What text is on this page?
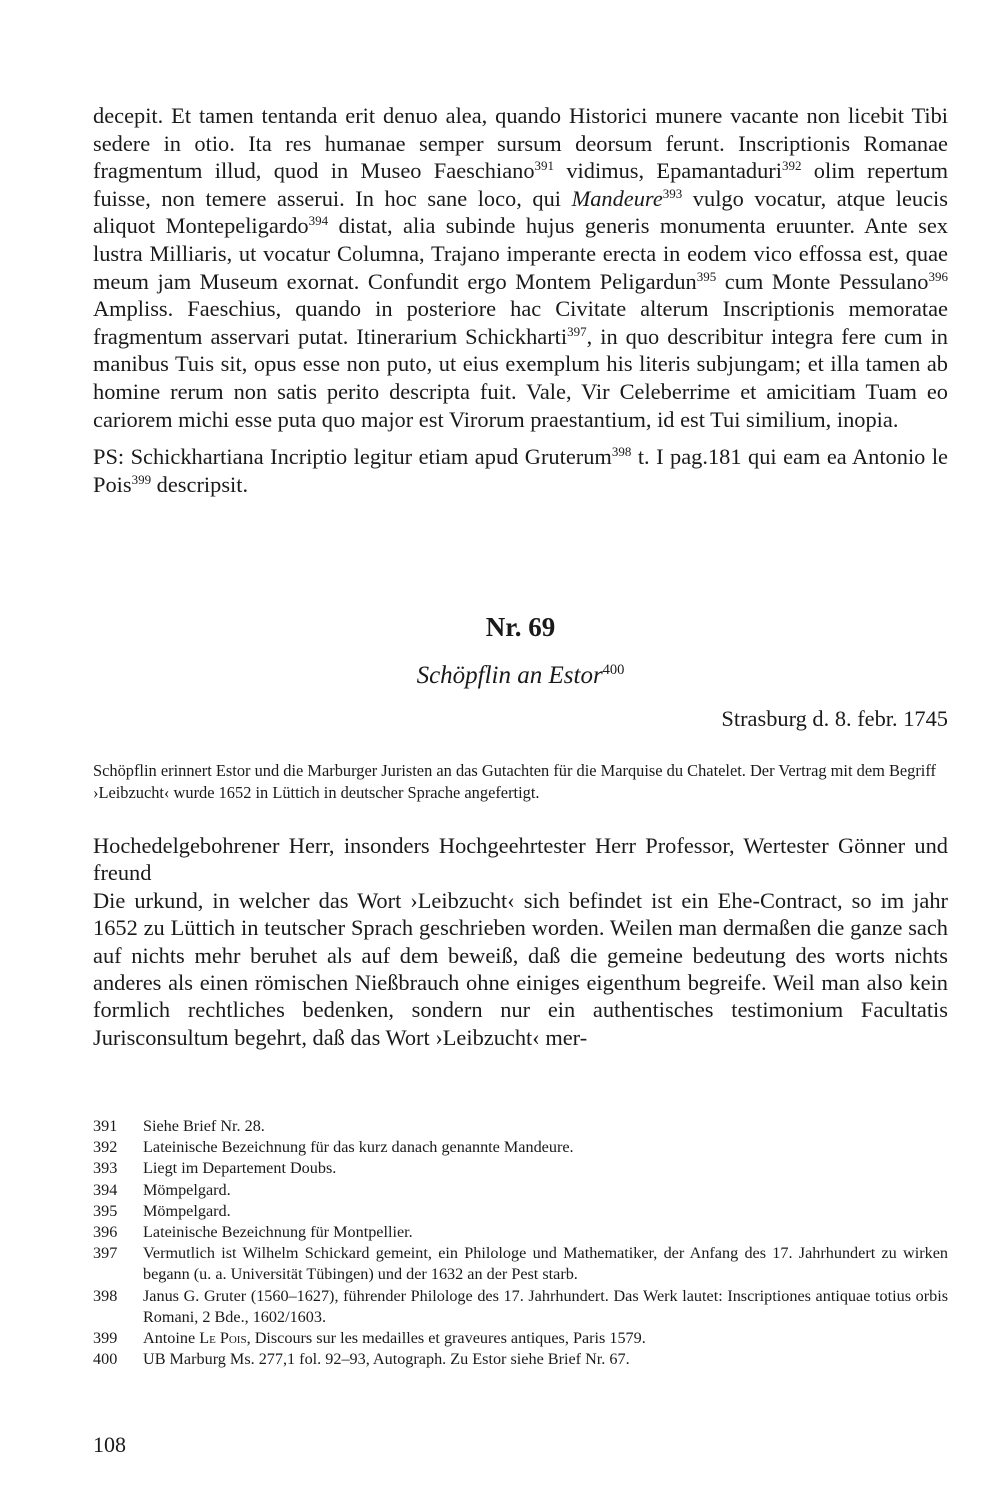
decepit. Et tamen tentanda erit denuo alea, quando Historici munere vacante non licebit Tibi sedere in otio. Ita res humanae semper sursum deorsum ferunt. Inscriptionis Romanae fragmentum illud, quod in Museo Faeschiano$^{391}$ vidimus, Epamantaduri$^{392}$ olim repertum fuisse, non temere asserui. In hoc sane loco, qui Mandeure$^{393}$ vulgo vocatur, atque leucis aliquot Montepeligardo$^{394}$ distat, alia subinde hujus generis monumenta eruunter. Ante sex lustra Milliaris, ut vocatur Columna, Trajano imperante erecta in eodem vico effossa est, quae meum jam Museum exornat. Confundit ergo Montem Peligardun$^{395}$ cum Monte Pessulano$^{396}$ Ampliss. Faeschius, quando in posteriore hac Civitate alterum Inscriptionis memoratae fragmentum asservari putat. Itinerarium Schickharti$^{397}$, in quo describitur integra fere cum in manibus Tuis sit, opus esse non puto, ut eius exemplum his literis subjungam; et illa tamen ab homine rerum non satis perito descripta fuit. Vale, Vir Celeberrime et amicitiam Tuam eo cariorem michi esse puta quo major est Virorum praestantium, id est Tui similium, inopia.

PS: Schickhartiana Incriptio legitur etiam apud Gruterum$^{398}$ t. I pag.181 qui eam ea Antonio le Pois$^{399}$ descripsit.

Nr. 69

Schöpflin an Estor$^{400}$

Strasburg d. 8. febr. 1745

Schöpflin erinnert Estor und die Marburger Juristen an das Gutachten für die Marquise du Chatelet. Der Vertrag mit dem Begriff ›Leibzucht‹ wurde 1652 in Lüttich in deutscher Sprache angefertigt.

Hochedelgebohrener Herr, insonders Hochgeehrtester Herr Professor, Wertester Gönner und freund

Die urkund, in welcher das Wort ›Leibzucht‹ sich befindet ist ein Ehe-Contract, so im jahr 1652 zu Lüttich in teutscher Sprach geschrieben worden. Weilen man dermaßen die ganze sach auf nichts mehr beruhet als auf dem beweiß, daß die gemeine bedeutung des worts nichts anderes als einen römischen Nießbrauch ohne einiges eigenthum begreife. Weil man also kein formlich rechtliches bedenken, sondern nur ein authentisches testimonium Facultatis Jurisconsultum begehrt, daß das Wort ›Leibzucht‹ mer-

391	Siehe Brief Nr. 28.
392	Lateinische Bezeichnung für das kurz danach genannte Mandeure.
393	Liegt im Departement Doubs.
394	Mömpelgard.
395	Mömpelgard.
396	Lateinische Bezeichnung für Montpellier.
397	Vermutlich ist Wilhelm Schickard gemeint, ein Philologe und Mathematiker, der Anfang des 17. Jahrhundert zu wirken begann (u. a. Universität Tübingen) und der 1632 an der Pest starb.
398	Janus G. Gruter (1560–1627), führender Philologe des 17. Jahrhundert. Das Werk lautet: Inscriptiones antiquae totius orbis Romani, 2 Bde., 1602/1603.
399	Antoine Le Pois, Discours sur les medailles et graveures antiques, Paris 1579.
400	UB Marburg Ms. 277,1 fol. 92–93, Autograph. Zu Estor siehe Brief Nr. 67.

108
